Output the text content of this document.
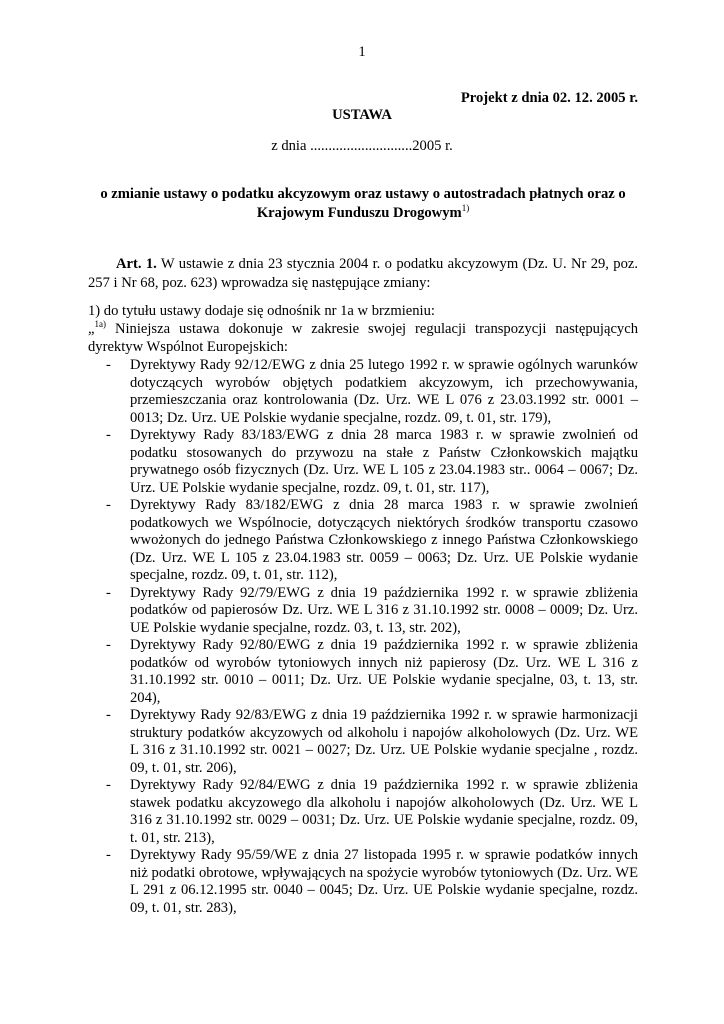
1
Projekt z dnia 02. 12. 2005 r.
USTAWA
z dnia ............................2005 r.
o zmianie ustawy o podatku akcyzowym oraz ustawy o autostradach płatnych oraz o Krajowym Funduszu Drogowym$^{1)}$
Art. 1. W ustawie z dnia 23 stycznia 2004 r. o podatku akcyzowym (Dz. U. Nr 29, poz. 257 i Nr 68, poz. 623) wprowadza się następujące zmiany:
1) do tytułu ustawy dodaje się odnośnik nr 1a w brzmieniu:
„$^{1a)}$ Niniejsza ustawa dokonuje w zakresie swojej regulacji transpozycji następujących dyrektyw Wspólnot Europejskich:
- Dyrektywy Rady 92/12/EWG z dnia 25 lutego 1992 r. w sprawie ogólnych warunków dotyczących wyrobów objętych podatkiem akcyzowym, ich przechowywania, przemieszczania oraz kontrolowania (Dz. Urz. WE L 076 z 23.03.1992 str. 0001 – 0013; Dz. Urz. UE Polskie wydanie specjalne, rozdz. 09, t. 01, str. 179),
- Dyrektywy Rady 83/183/EWG z dnia 28 marca 1983 r. w sprawie zwolnień od podatku stosowanych do przywozu na stałe z Państw Członkowskich majątku prywatnego osób fizycznych (Dz. Urz. WE L 105 z 23.04.1983 str.. 0064 – 0067; Dz. Urz. UE Polskie wydanie specjalne, rozdz. 09, t. 01, str. 117),
- Dyrektywy Rady 83/182/EWG z dnia 28 marca 1983 r. w sprawie zwolnień podatkowych we Wspólnocie, dotyczących niektórych środków transportu czasowo wwożonych do jednego Państwa Członkowskiego z innego Państwa Członkowskiego (Dz. Urz. WE L 105 z 23.04.1983 str. 0059 – 0063; Dz. Urz. UE Polskie wydanie specjalne, rozdz. 09, t. 01, str. 112),
- Dyrektywy Rady 92/79/EWG z dnia 19 października 1992 r. w sprawie zbliżenia podatków od papierosów Dz. Urz. WE L 316 z 31.10.1992 str. 0008 – 0009; Dz. Urz. UE Polskie wydanie specjalne, rozdz. 03, t. 13, str. 202),
- Dyrektywy Rady 92/80/EWG z dnia 19 października 1992 r. w sprawie zbliżenia podatków od wyrobów tytoniowych innych niż papierosy (Dz. Urz. WE L 316 z 31.10.1992 str. 0010 – 0011; Dz. Urz. UE Polskie wydanie specjalne, 03, t. 13, str. 204),
- Dyrektywy Rady 92/83/EWG z dnia 19 października 1992 r. w sprawie harmonizacji struktury podatków akcyzowych od alkoholu i napojów alkoholowych (Dz. Urz. WE L 316 z 31.10.1992 str. 0021 – 0027; Dz. Urz. UE Polskie wydanie specjalne , rozdz. 09, t. 01, str. 206),
- Dyrektywy Rady 92/84/EWG z dnia 19 października 1992 r. w sprawie zbliżenia stawek podatku akcyzowego dla alkoholu i napojów alkoholowych (Dz. Urz. WE L 316 z 31.10.1992 str. 0029 – 0031; Dz. Urz. UE Polskie wydanie specjalne, rozdz. 09, t. 01, str. 213),
- Dyrektywy Rady 95/59/WE z dnia 27 listopada 1995 r. w sprawie podatków innych niż podatki obrotowe, wpływających na spożycie wyrobów tytoniowych (Dz. Urz. WE L 291 z 06.12.1995 str. 0040 – 0045; Dz. Urz. UE Polskie wydanie specjalne, rozdz. 09, t. 01, str. 283),
